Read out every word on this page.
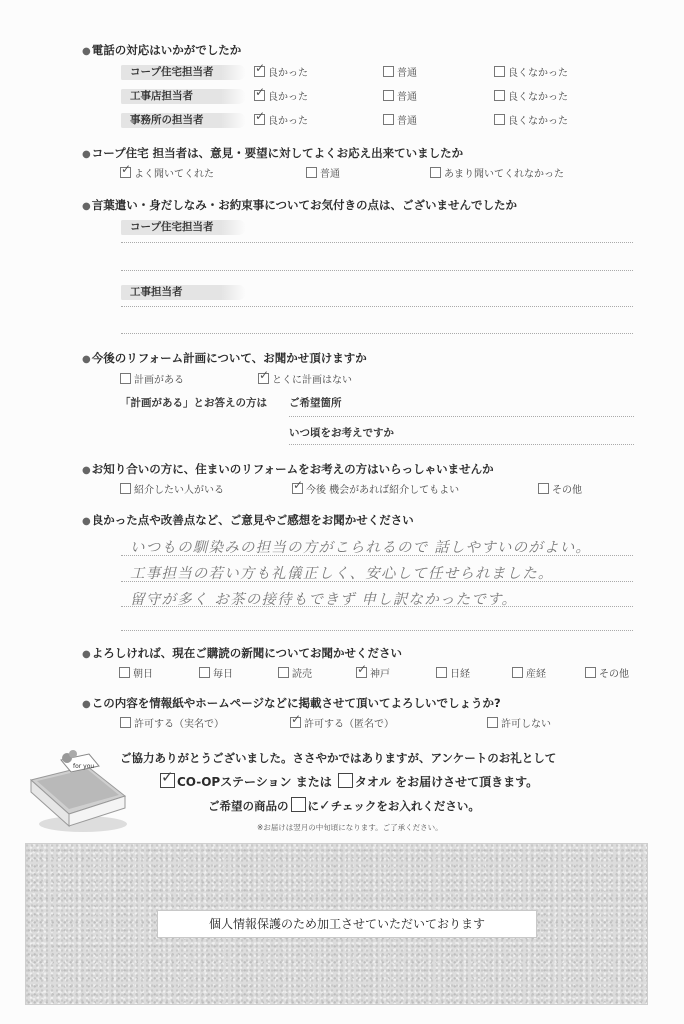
● 電話の対応はいかがでしたか
コープ住宅担当者 ✓	良かった	普通	良くなかった
工事店担当者 ✓	良かった	普通	良くなかった
事務所の担当者 ✓	良かった	普通	良くなかった
● コープ住宅 担当者は、意見・要望に対してよくお応え出来ていましたか
✓よく聞いてくれた	普通	あまり聞いてくれなかった
● 言葉遣い・身だしなみ・お約束事についてお気付きの点は、ございませんでしたか
コープ住宅担当者
工事担当者
● 今後のリフォーム計画について、お聞かせ頂けますか
計画がある ✓	とくに計画はない
「計画がある」とお答えの方は ご希望箇所
いつ頃をお考えですか
● お知り合いの方に、住まいのリフォームをお考えの方はいらっしゃいませんか
紹介したい人がいる ✓	今後 機会があれば紹介してもよい	その他
● 良かった点や改善点など、ご意見やご感想をお聞かせください
いつもの馴染みの担当の方がこられるので 話しやすいのがよい。
工事担当の若い方も礼儀正しく、安心して任せられました。
留守が多く お茶の接待もできず 申し訳なかったです。
● よろしければ、現在ご購読の新聞についてお聞かせください
朝日	毎日	読売 ✓	神戸	日経	産経	その他
● この内容を情報紙やホームページなどに掲載させて頂いてよろしいでしょうか?
許可する（実名で） ✓	許可する（匿名で）	許可しない
for you
ご協力ありがとうございました。ささやかではありますが、アンケートのお礼として
✓CO-OPステーション または タオル をお届けさせて頂きます。
ご希望の商品の に✓チェックをお入れください。
※お届けは翌月の中旬頃になります。ご了承ください。
個人情報保護のため加工させていただいております
